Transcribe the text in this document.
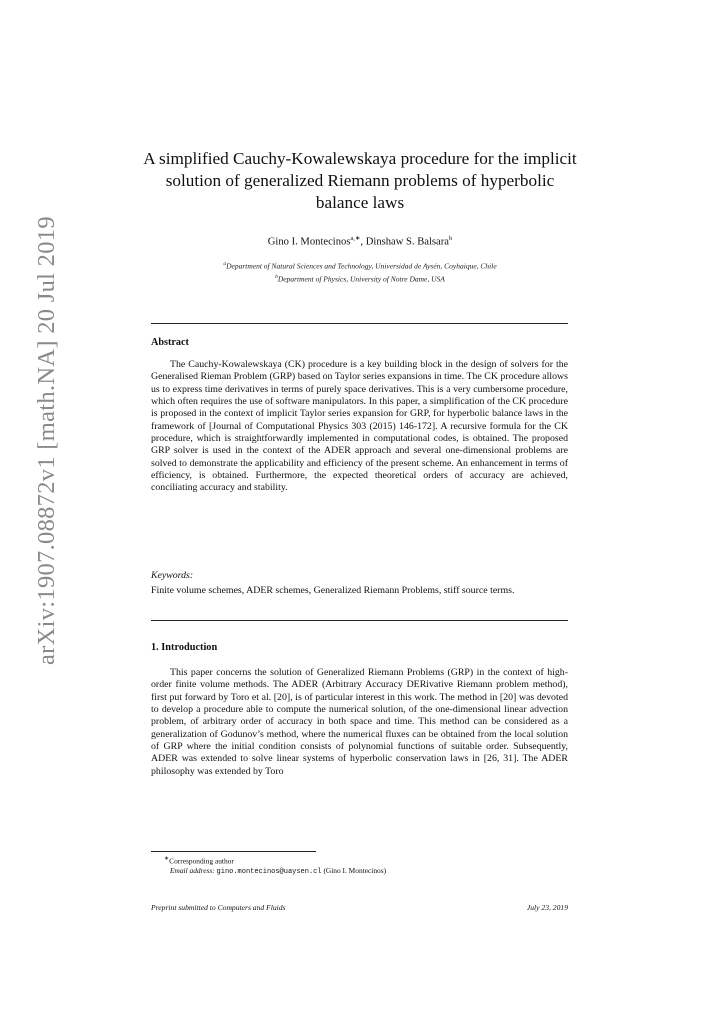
arXiv:1907.08872v1 [math.NA] 20 Jul 2019
A simplified Cauchy-Kowalewskaya procedure for the implicit solution of generalized Riemann problems of hyperbolic balance laws
Gino I. Montecinos$^{a,∗}$, Dinshaw S. Balsara$^b$
$^a$Department of Natural Sciences and Technology, Universidad de Aysén, Coyhaique, Chile
$^b$Department of Physics, University of Notre Dame, USA
Abstract
The Cauchy-Kowalewskaya (CK) procedure is a key building block in the design of solvers for the Generalised Rieman Problem (GRP) based on Taylor series expansions in time. The CK procedure allows us to express time derivatives in terms of purely space derivatives. This is a very cumbersome procedure, which often requires the use of software manipulators. In this paper, a simplification of the CK procedure is proposed in the context of implicit Taylor series expansion for GRP, for hyperbolic balance laws in the framework of [Journal of Computational Physics 303 (2015) 146-172]. A recursive formula for the CK procedure, which is straightforwardly implemented in computational codes, is obtained. The proposed GRP solver is used in the context of the ADER approach and several one-dimensional problems are solved to demonstrate the applicability and efficiency of the present scheme. An enhancement in terms of efficiency, is obtained. Furthermore, the expected theoretical orders of accuracy are achieved, conciliating accuracy and stability.
Keywords:
Finite volume schemes, ADER schemes, Generalized Riemann Problems, stiff source terms.
1. Introduction
This paper concerns the solution of Generalized Riemann Problems (GRP) in the context of high-order finite volume methods. The ADER (Arbitrary Accuracy DERivative Riemann problem method), first put forward by Toro et al. [20], is of particular interest in this work. The method in [20] was devoted to develop a procedure able to compute the numerical solution, of the one-dimensional linear advection problem, of arbitrary order of accuracy in both space and time. This method can be considered as a generalization of Godunov’s method, where the numerical fluxes can be obtained from the local solution of GRP where the initial condition consists of polynomial functions of suitable order. Subsequently, ADER was extended to solve linear systems of hyperbolic conservation laws in [26, 31]. The ADER philosophy was extended by Toro
∗Corresponding author
Email address: gino.montecinos@uaysen.cl (Gino I. Montecinos)
Preprint submitted to Computers and Fluids	July 23, 2019
